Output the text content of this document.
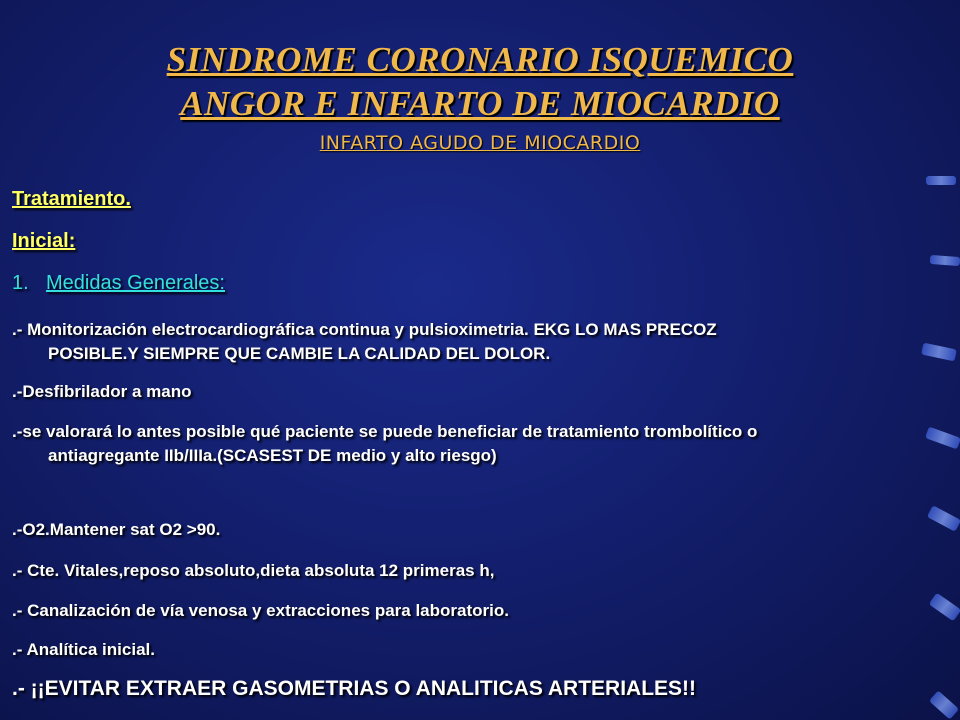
SINDROME CORONARIO ISQUEMICO
ANGOR E INFARTO DE MIOCARDIO
INFARTO AGUDO DE MIOCARDIO
Tratamiento.
Inicial:
1. Medidas Generales:
.- Monitorización electrocardiográfica continua y pulsioximetria. EKG LO MAS PRECOZ
POSIBLE.Y SIEMPRE QUE CAMBIE LA CALIDAD DEL DOLOR.
.-Desfibrilador a mano
.-se valorará lo antes posible qué paciente se puede beneficiar de tratamiento trombolítico o
antiagregante IIb/IIIa.(SCASEST DE medio y alto riesgo)
.-O2.Mantener sat O2 >90.
.- Cte. Vitales,reposo absoluto,dieta absoluta 12 primeras h,
.- Canalización de vía venosa y extracciones para laboratorio.
.- Analítica inicial.
.- ¡¡EVITAR EXTRAER GASOMETRIAS O ANALITICAS ARTERIALES!!
